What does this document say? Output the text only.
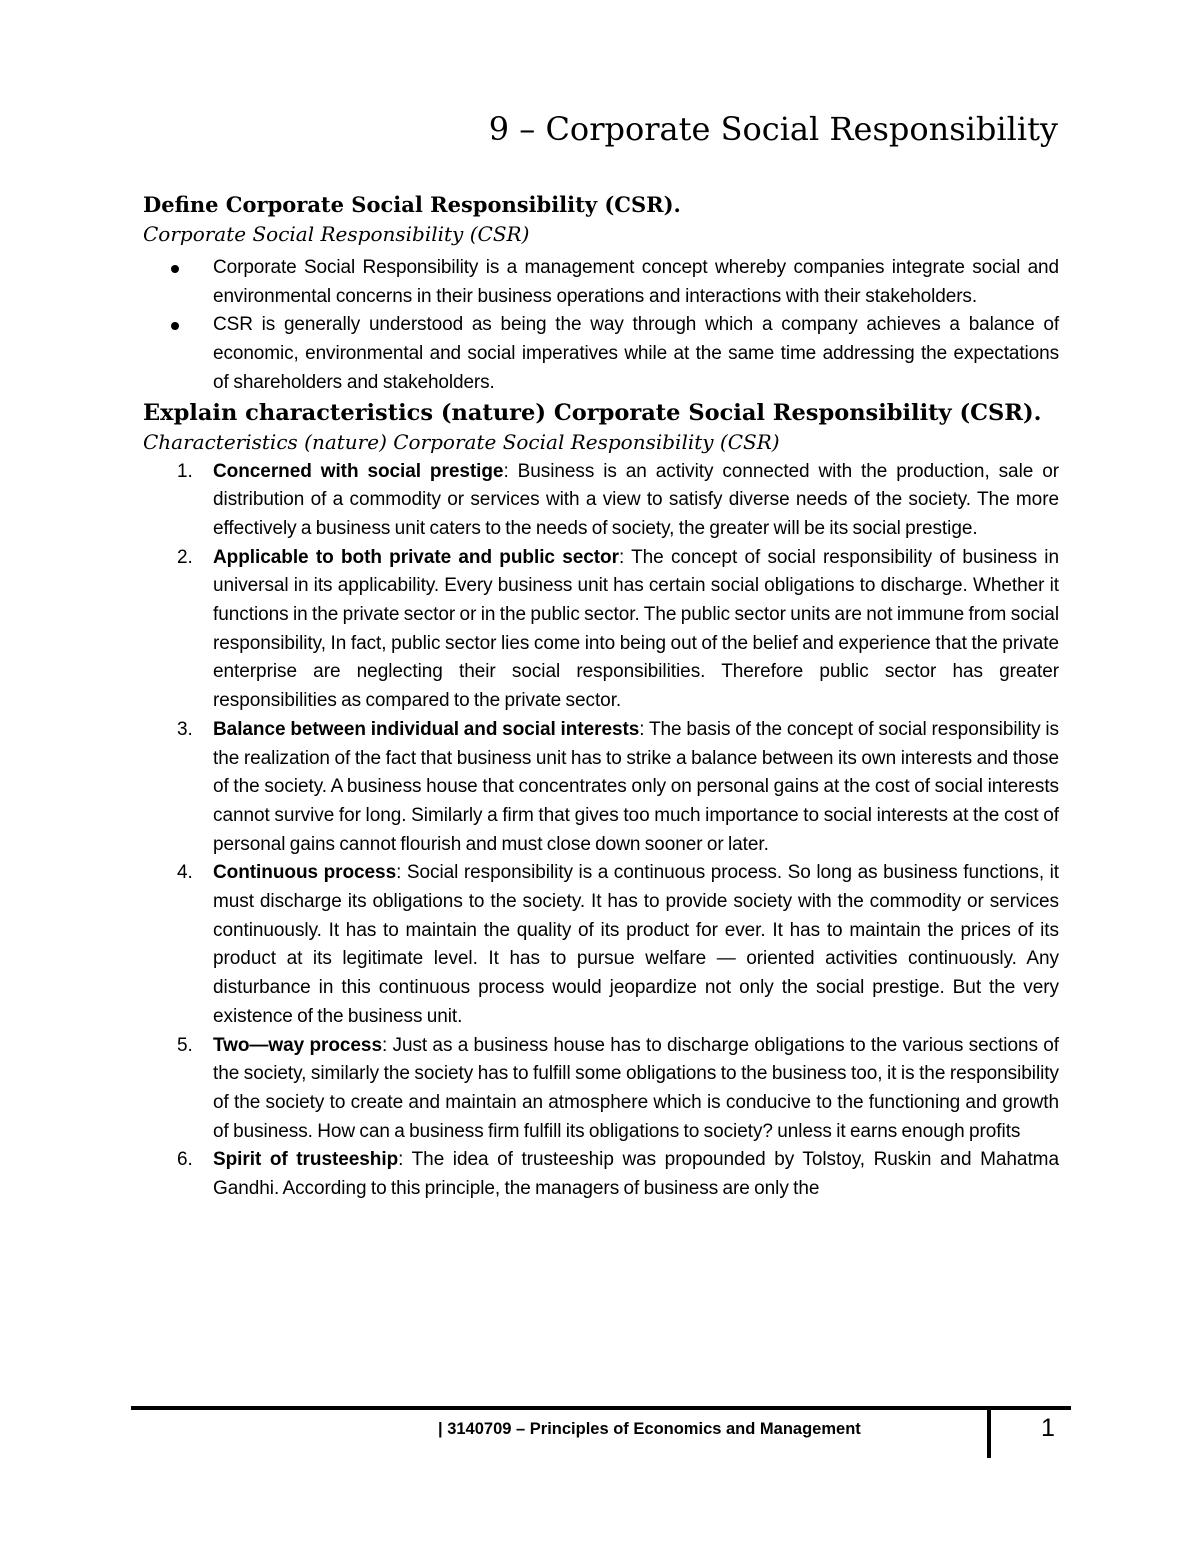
9 – Corporate Social Responsibility
Define Corporate Social Responsibility (CSR).
Corporate Social Responsibility (CSR)
Corporate Social Responsibility is a management concept whereby companies integrate social and environmental concerns in their business operations and interactions with their stakeholders.
CSR is generally understood as being the way through which a company achieves a balance of economic, environmental and social imperatives while at the same time addressing the expectations of shareholders and stakeholders.
Explain characteristics (nature) Corporate Social Responsibility (CSR).
Characteristics (nature) Corporate Social Responsibility (CSR)
1. Concerned with social prestige: Business is an activity connected with the production, sale or distribution of a commodity or services with a view to satisfy diverse needs of the society. The more effectively a business unit caters to the needs of society, the greater will be its social prestige.
2. Applicable to both private and public sector: The concept of social responsibility of business in universal in its applicability. Every business unit has certain social obligations to discharge. Whether it functions in the private sector or in the public sector. The public sector units are not immune from social responsibility, In fact, public sector lies come into being out of the belief and experience that the private enterprise are neglecting their social responsibilities. Therefore public sector has greater responsibilities as compared to the private sector.
3. Balance between individual and social interests: The basis of the concept of social responsibility is the realization of the fact that business unit has to strike a balance between its own interests and those of the society. A business house that concentrates only on personal gains at the cost of social interests cannot survive for long. Similarly a firm that gives too much importance to social interests at the cost of personal gains cannot flourish and must close down sooner or later.
4. Continuous process: Social responsibility is a continuous process. So long as business functions, it must discharge its obligations to the society. It has to provide society with the commodity or services continuously. It has to maintain the quality of its product for ever. It has to maintain the prices of its product at its legitimate level. It has to pursue welfare — oriented activities continuously. Any disturbance in this continuous process would jeopardize not only the social prestige. But the very existence of the business unit.
5. Two—way process: Just as a business house has to discharge obligations to the various sections of the society, similarly the society has to fulfill some obligations to the business too, it is the responsibility of the society to create and maintain an atmosphere which is conducive to the functioning and growth of business. How can a business firm fulfill its obligations to society? unless it earns enough profits
6. Spirit of trusteeship: The idea of trusteeship was propounded by Tolstoy, Ruskin and Mahatma Gandhi. According to this principle, the managers of business are only the
| 3140709 – Principles of Economics and Management	1
